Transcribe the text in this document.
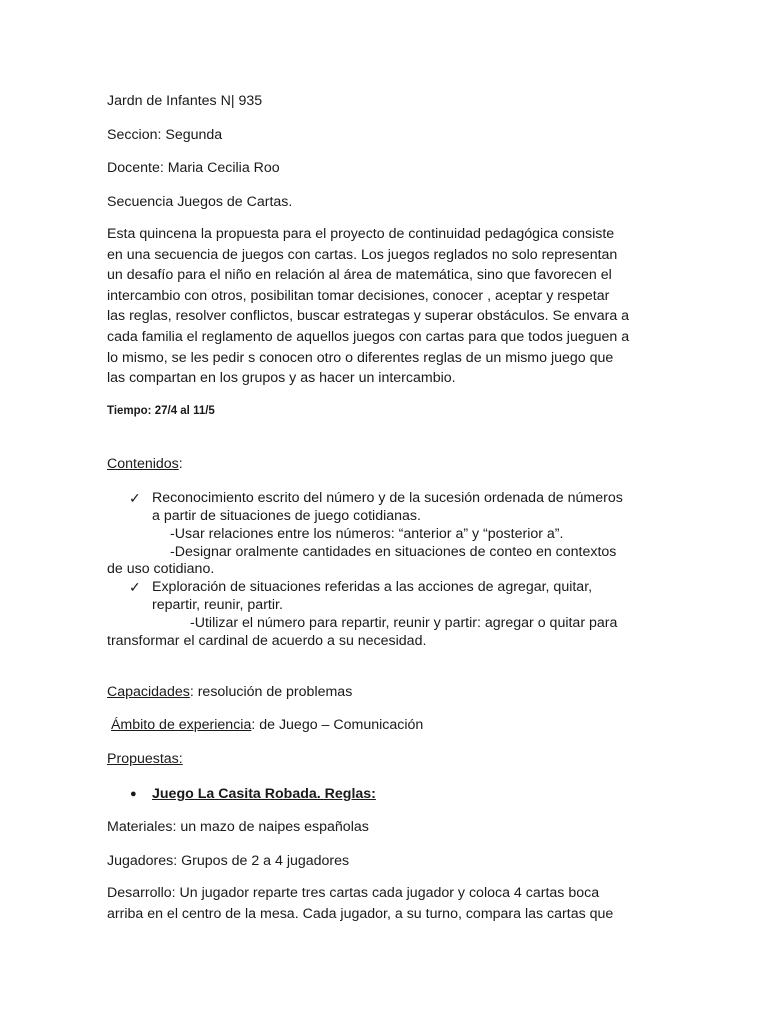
Jardn de Infantes N| 935
Seccion: Segunda
Docente: Maria Cecilia Roo
Secuencia Juegos de Cartas.
Esta quincena la propuesta para el proyecto de continuidad pedagógica consiste
en una secuencia de juegos con cartas. Los juegos reglados no solo representan
un desafío para el niño en relación al área de matemática, sino que favorecen el
intercambio con otros, posibilitan tomar decisiones, conocer , aceptar y respetar
las reglas, resolver conflictos, buscar estrategas y superar obstáculos. Se envara a
cada familia el reglamento de aquellos juegos con cartas para que todos jueguen a
lo mismo, se les pedir s conocen otro o diferentes reglas de un mismo juego que
las compartan en los grupos y as hacer un intercambio.
Tiempo: 27/4 al 11/5
Contenidos:
✓ Reconocimiento escrito del número y de la sucesión ordenada de números
a partir de situaciones de juego cotidianas.
-Usar relaciones entre los números: “anterior a” y “posterior a”.
-Designar oralmente cantidades en situaciones de conteo en contextos
de uso cotidiano.
✓ Exploración de situaciones referidas a las acciones de agregar, quitar,
repartir, reunir, partir.
-Utilizar el número para repartir, reunir y partir: agregar o quitar para
transformar el cardinal de acuerdo a su necesidad.
Capacidades: resolución de problemas
Ámbito de experiencia: de Juego – Comunicación
Propuestas:
● Juego La Casita Robada. Reglas:
Materiales: un mazo de naipes españolas
Jugadores: Grupos de 2 a 4 jugadores
Desarrollo: Un jugador reparte tres cartas cada jugador y coloca 4 cartas boca
arriba en el centro de la mesa. Cada jugador, a su turno, compara las cartas que
